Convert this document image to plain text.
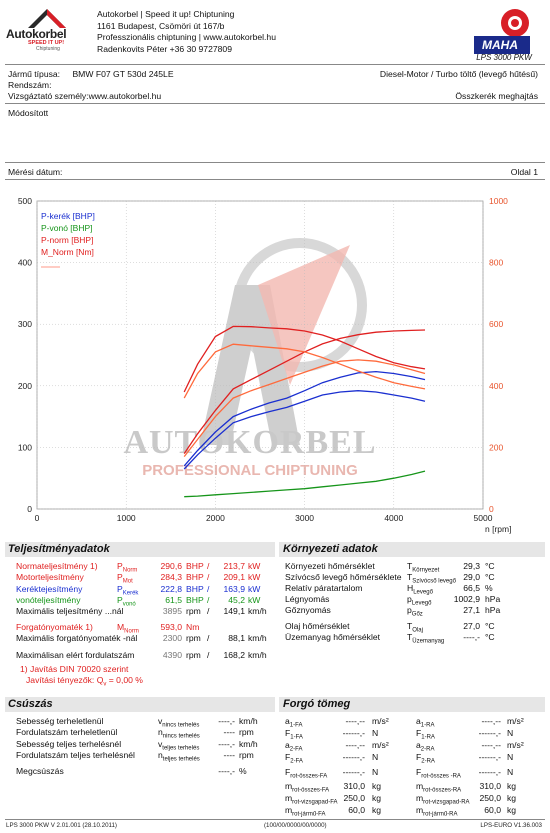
Autokorbel
SPEED IT UP!
Chiptuning
Autokorbel | Speed it up! Chiptuning
1161 Budapest, Csömöri út 167/b
Professzionális chiptuning | www.autokorbel.hu
Radenkovits Péter +36 30 9727809	MAHA
LPS 3000 PKW
Jármű típusa: BMW F07 GT 530d 245LE	Diesel-Motor / Turbo töltő (levegő hűtésű)
Rendszám:
Vizsgáztató személy:www.autokorbel.hu	Összkerék meghajtás
Módosított
Mérési dátum:	Oldal 1
AUTOKORBEL
PROFESSIONAL CHIPTUNING
0	1000	2000	3000	4000	5000
0
100
200
300
400
500
0
200
400
600
800
1000
n [rpm]
P-kerék [BHP]
P-vonó [BHP]
P-norm [BHP]
M_Norm [Nm]
Teljesítményadatok	Környezeti adatok
Csúszás	Forgó tömeg
LPS 3000 PKW V 2.01.001 (28.10.2011)	(100/00/0000/00/0000)	LPS-EURO V1.36.003
Normateljesítmény 1) $P_{Norm}$	290,6 BHP /	213,7 kW
Motorteljesítmény	$P_{Mot}$	284,3 BHP /	209,1 kW
Keréktejesítmény	$P_{Kerék}$	222,8 BHP /	163,9 kW
vonóteljesítmény	$P_{vonó}$	61,5 BHP /	45,2 kW
Maximális teljesítmény ...nál	3895 rpm /	149,1 km/h
Forgatónyomaték 1)	$M_{Norm}$	593,0 Nm
Maximális forgatónyomaték -nál	2300 rpm /	88,1 km/h
Maximálisan elért fordulatszám	4390 rpm /	168,2 km/h
1) Javítás DIN 70020 szerint
Javítási tényezők: $Q_v = 0,00$ %
Környezeti hőmérséklet	$T_{Környezet}$	29,3 °C
Szívócső levegő hőmérséklete $T_{Szívócső levegő}$ 29,0 °C
Relatív páratartalom	$H_{Levegő}$	66,5 %
Légnyomás	$p_{Levegő}$	1002,9 hPa
Gőznyomás	$p_{Gőz}$	27,1 hPa
Olaj hőmérséklet	$T_{Olaj}$	27,0 °C
Üzemanyag hőmérséklet	$T_{Üzemanyag}$	----,- °C
Sebesség terheletlenül	$v_{nincs terhelés}$	----,- km/h
Fordulatszám terheletlenül	$n_{nincs terhelés}$	---- rpm
Sebesség teljes terhelésnél	$v_{teljes terhelés}$	----,- km/h
Fordulatszám teljes terhelésnél	$n_{teljes terhelés}$	---- rpm
Megcsúszás	----,- %
$a_{1-FA}$	----,-- m/s²	$a_{1-RA}$	----,-- m/s²
$F_{1-FA}$	------,- N	$F_{1-RA}$	------,- N
$a_{2-FA}$	----,-- m/s²	$a_{2-RA}$	----,-- m/s²
$F_{2-FA}$	------,- N	$F_{2-RA}$	------,- N
$F_{rot-összes-FA}$	------,- N	$F_{rot-összes -RA}$	------,- N
$m_{rot-összes-FA}$	310,0 kg	$m_{rot-összes-RA}$	310,0 kg
$m_{rot-vizsgapad-FA}$ 250,0 kg	$m_{rot-vizsgapad-RA}$	250,0 kg
$m_{rot-jármű-FA}$	60,0 kg	$m_{rot-jármű-RA}$	60,0 kg
